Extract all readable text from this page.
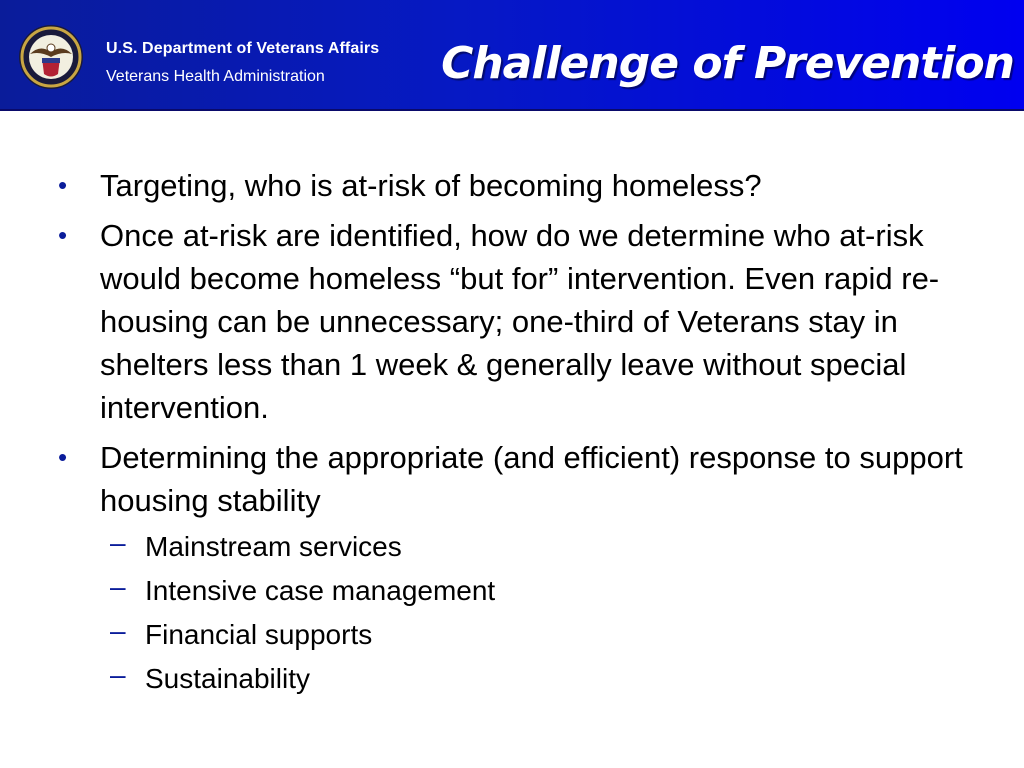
U.S. Department of Veterans Affairs
Veterans Health Administration	Challenge of Prevention
• Targeting, who is at-risk of becoming homeless?
• Once at-risk are identified, how do we determine who at-risk would become homeless “but for” intervention. Even rapid re-housing can be unnecessary; one-third of Veterans stay in shelters less than 1 week & generally leave without special intervention.
• Determining the appropriate (and efficient) response to support housing stability
– Mainstream services
– Intensive case management
– Financial supports
– Sustainability
